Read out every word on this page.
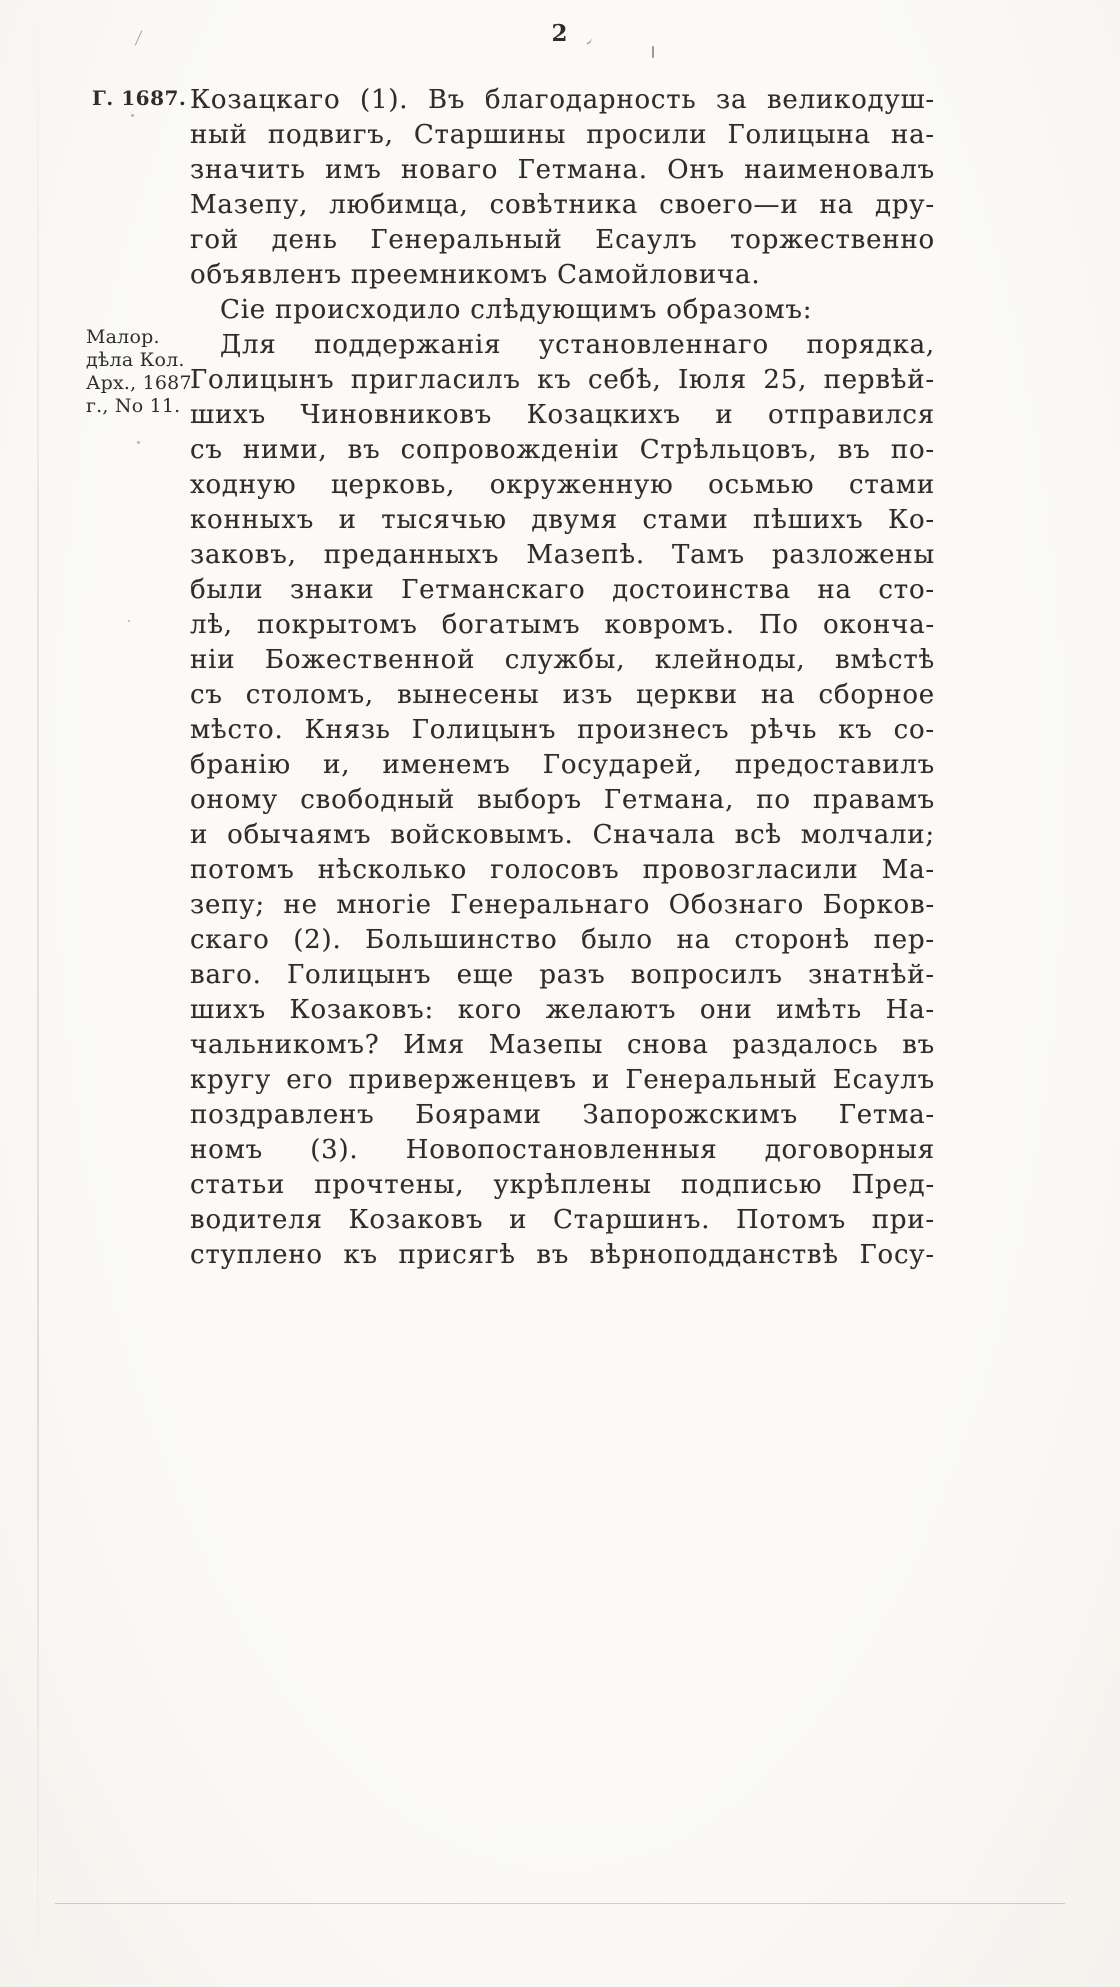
2
Г. 1687.
Малор.
дѣла Кол.
Арх., 1687
г., No 11.
Козацкаго (1). Въ благодарность за великодуш-
ный подвигъ, Старшины просили Голицына на-
значить имъ новаго Гетмана. Онъ наименовалъ
Мазепу, любимца, совѣтника своего—и на дру-
гой день Генеральный Есаулъ торжественно
объявленъ преемникомъ Самойловича.
Сіе происходило слѣдующимъ образомъ:
Для поддержанія установленнаго порядка,
Голицынъ пригласилъ къ себѣ, Іюля 25, первѣй-
шихъ Чиновниковъ Козацкихъ и отправился
съ ними, въ сопровожденіи Стрѣльцовъ, въ по-
ходную церковь, окруженную осьмью стами
конныхъ и тысячью двумя стами пѣшихъ Ко-
заковъ, преданныхъ Мазепѣ. Тамъ разложены
были знаки Гетманскаго достоинства на сто-
лѣ, покрытомъ богатымъ ковромъ. По оконча-
ніи Божественной службы, клейноды, вмѣстѣ
съ столомъ, вынесены изъ церкви на сборное
мѣсто. Князь Голицынъ произнесъ рѣчь къ со-
бранію и, именемъ Государей, предоставилъ
оному свободный выборъ Гетмана, по правамъ
и обычаямъ войсковымъ. Сначала всѣ молчали;
потомъ нѣсколько голосовъ провозгласили Ма-
зепу; не многіе Генеральнаго Обознаго Борков-
скаго (2). Большинство было на сторонѣ пер-
ваго. Голицынъ еще разъ вопросилъ знатнѣй-
шихъ Козаковъ: кого желаютъ они имѣть На-
чальникомъ? Имя Мазепы снова раздалось въ
кругу его приверженцевъ и Генеральный Есаулъ
поздравленъ Боярами Запорожскимъ Гетма-
номъ (3). Новопостановленныя договорныя
статьи прочтены, укрѣплены подписью Пред-
водителя Козаковъ и Старшинъ. Потомъ при-
ступлено къ присягѣ въ вѣрноподданствѣ Госу-
